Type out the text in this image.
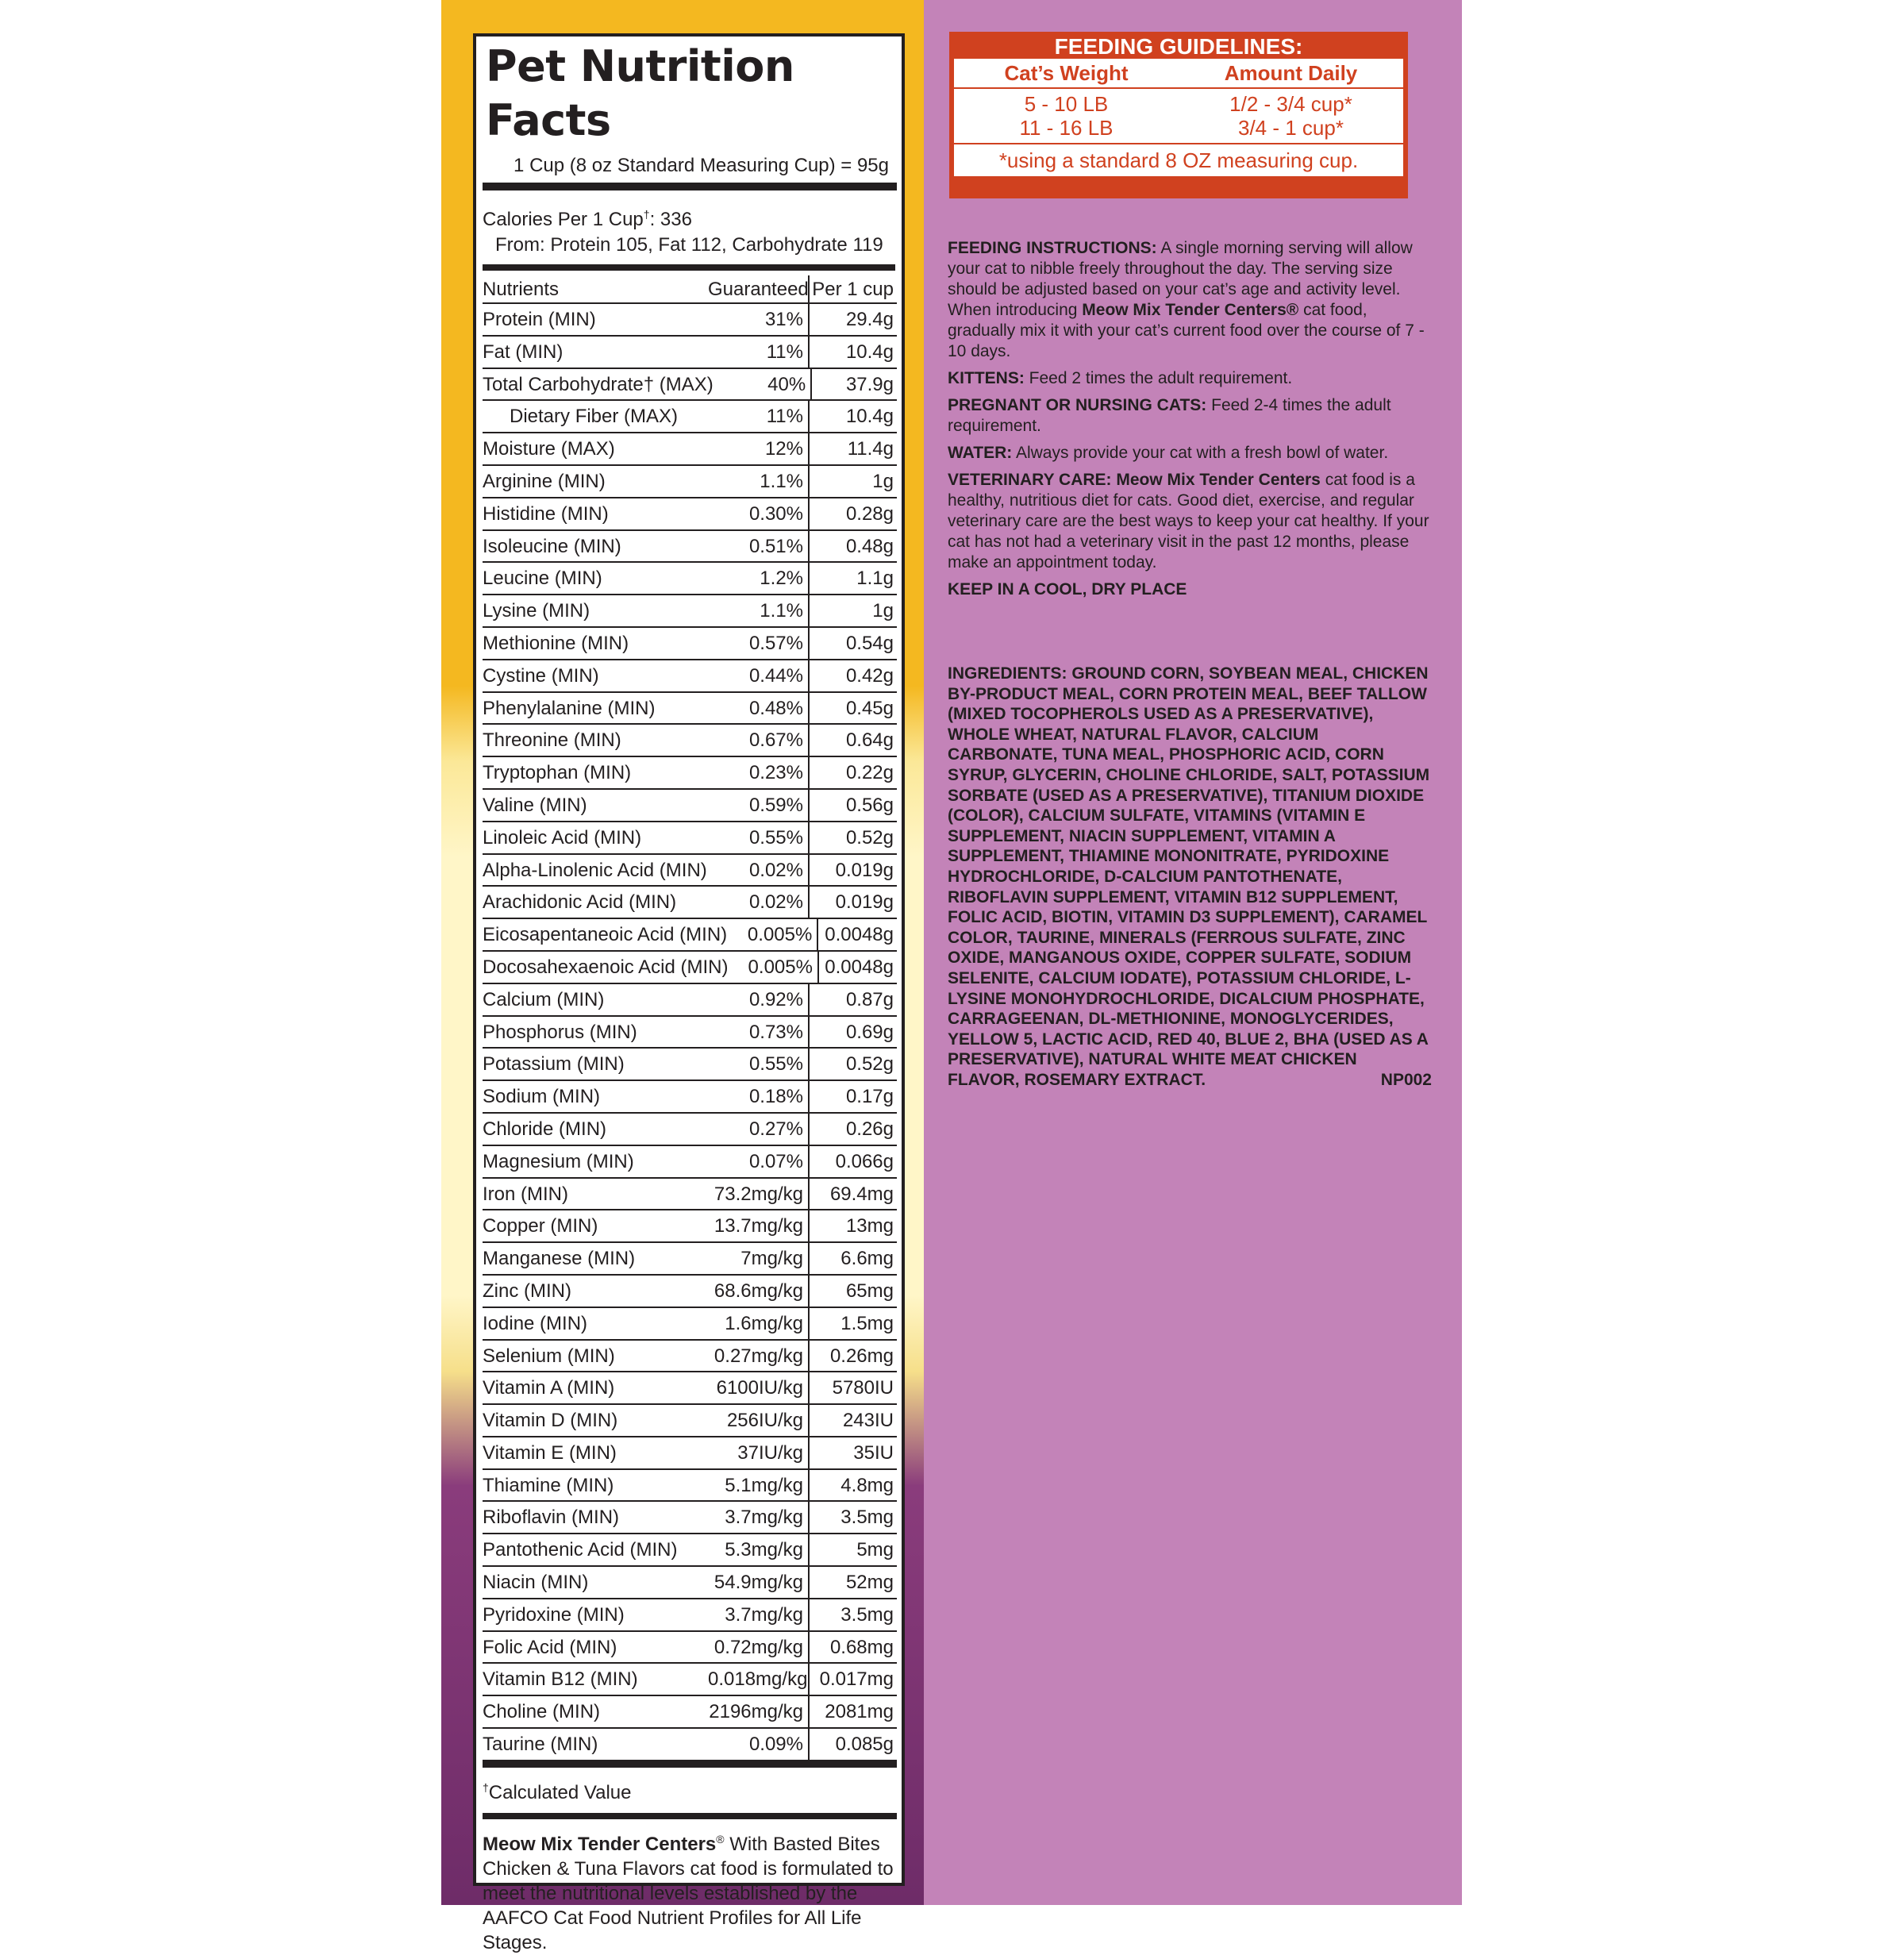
Pet Nutrition Facts
1 Cup (8 oz Standard Measuring Cup) = 95g
Calories Per 1 Cup†: 336
From: Protein 105, Fat 112, Carbohydrate 119
Nutrients	Guaranteed Per 1 cup
Protein (MIN)	31%	29.4g
Fat (MIN)	11%	10.4g
Total Carbohydrate† (MAX)	40%	37.9g
Dietary Fiber (MAX)	11%	10.4g
Moisture (MAX)	12%	11.4g
Arginine (MIN)	1.1%	1g
Histidine (MIN)	0.30%	0.28g
Isoleucine (MIN)	0.51%	0.48g
Leucine (MIN)	1.2%	1.1g
Lysine (MIN)	1.1%	1g
Methionine (MIN)	0.57%	0.54g
Cystine (MIN)	0.44%	0.42g
Phenylalanine (MIN)	0.48%	0.45g
Threonine (MIN)	0.67%	0.64g
Tryptophan (MIN)	0.23%	0.22g
Valine (MIN)	0.59%	0.56g
Linoleic Acid (MIN)	0.55%	0.52g
Alpha-Linolenic Acid (MIN)	0.02%	0.019g
Arachidonic Acid (MIN)	0.02%	0.019g
Eicosapentaneoic Acid (MIN)	0.005% 0.0048g
Docosahexaenoic Acid (MIN)	0.005% 0.0048g
Calcium (MIN)	0.92%	0.87g
Phosphorus (MIN)	0.73%	0.69g
Potassium (MIN)	0.55%	0.52g
Sodium (MIN)	0.18%	0.17g
Chloride (MIN)	0.27%	0.26g
Magnesium (MIN)	0.07%	0.066g
Iron (MIN)	73.2mg/kg	69.4mg
Copper (MIN)	13.7mg/kg	13mg
Manganese (MIN)	7mg/kg	6.6mg
Zinc (MIN)	68.6mg/kg	65mg
Iodine (MIN)	1.6mg/kg	1.5mg
Selenium (MIN)	0.27mg/kg	0.26mg
Vitamin A (MIN)	6100IU/kg	5780IU
Vitamin D (MIN)	256IU/kg	243IU
Vitamin E (MIN)	37IU/kg	35IU
Thiamine (MIN)	5.1mg/kg	4.8mg
Riboflavin (MIN)	3.7mg/kg	3.5mg
Pantothenic Acid (MIN)	5.3mg/kg	5mg
Niacin (MIN)	54.9mg/kg	52mg
Pyridoxine (MIN)	3.7mg/kg	3.5mg
Folic Acid (MIN)	0.72mg/kg	0.68mg
Vitamin B12 (MIN)	0.018mg/kg 0.017mg
Choline (MIN)	2196mg/kg	2081mg
Taurine (MIN)	0.09%	0.085g
†Calculated Value
Meow Mix Tender Centers® With Basted Bites Chicken & Tuna Flavors cat food is formulated to meet the nutritional levels established by the AAFCO Cat Food Nutrient Profiles for All Life Stages.
FEEDING GUIDELINES:
Cat’s Weight	Amount Daily
5 - 10 LB	1/2 - 3/4 cup*
11 - 16 LB	3/4 - 1 cup*
*using a standard 8 OZ measuring cup.

FEEDING INSTRUCTIONS: A single morning serving will allow your cat to nibble freely throughout the day. The serving size should be adjusted based on your cat’s age and activity level. When introducing Meow Mix Tender Centers® cat food, gradually mix it with your cat’s current food over the course of 7 - 10 days.

KITTENS: Feed 2 times the adult requirement.

PREGNANT OR NURSING CATS: Feed 2-4 times the adult requirement.

WATER: Always provide your cat with a fresh bowl of water.

VETERINARY CARE: Meow Mix Tender Centers cat food is a healthy, nutritious diet for cats. Good diet, exercise, and regular veterinary care are the best ways to keep your cat healthy. If your cat has not had a veterinary visit in the past 12 months, please make an appointment today.

KEEP IN A COOL, DRY PLACE

INGREDIENTS: GROUND CORN, SOYBEAN MEAL, CHICKEN BY-PRODUCT MEAL, CORN PROTEIN MEAL, BEEF TALLOW (MIXED TOCOPHEROLS USED AS A PRESERVATIVE), WHOLE WHEAT, NATURAL FLAVOR, CALCIUM CARBONATE, TUNA MEAL, PHOSPHORIC ACID, CORN SYRUP, GLYCERIN, CHOLINE CHLORIDE, SALT, POTASSIUM SORBATE (USED AS A PRESERVATIVE), TITANIUM DIOXIDE (COLOR), CALCIUM SULFATE, VITAMINS (VITAMIN E SUPPLEMENT, NIACIN SUPPLEMENT, VITAMIN A SUPPLEMENT, THIAMINE MONONITRATE, PYRIDOXINE HYDROCHLORIDE, D-CALCIUM PANTOTHENATE, RIBOFLAVIN SUPPLEMENT, VITAMIN B12 SUPPLEMENT, FOLIC ACID, BIOTIN, VITAMIN D3 SUPPLEMENT), CARAMEL COLOR, TAURINE, MINERALS (FERROUS SULFATE, ZINC OXIDE, MANGANOUS OXIDE, COPPER SULFATE, SODIUM SELENITE, CALCIUM IODATE), POTASSIUM CHLORIDE, L-LYSINE MONOHYDROCHLORIDE, DICALCIUM PHOSPHATE, CARRAGEENAN, DL-METHIONINE, MONOGLYCERIDES, YELLOW 5, LACTIC ACID, RED 40, BLUE 2, BHA (USED AS A PRESERVATIVE), NATURAL WHITE MEAT CHICKEN FLAVOR, ROSEMARY EXTRACT.	NP002
